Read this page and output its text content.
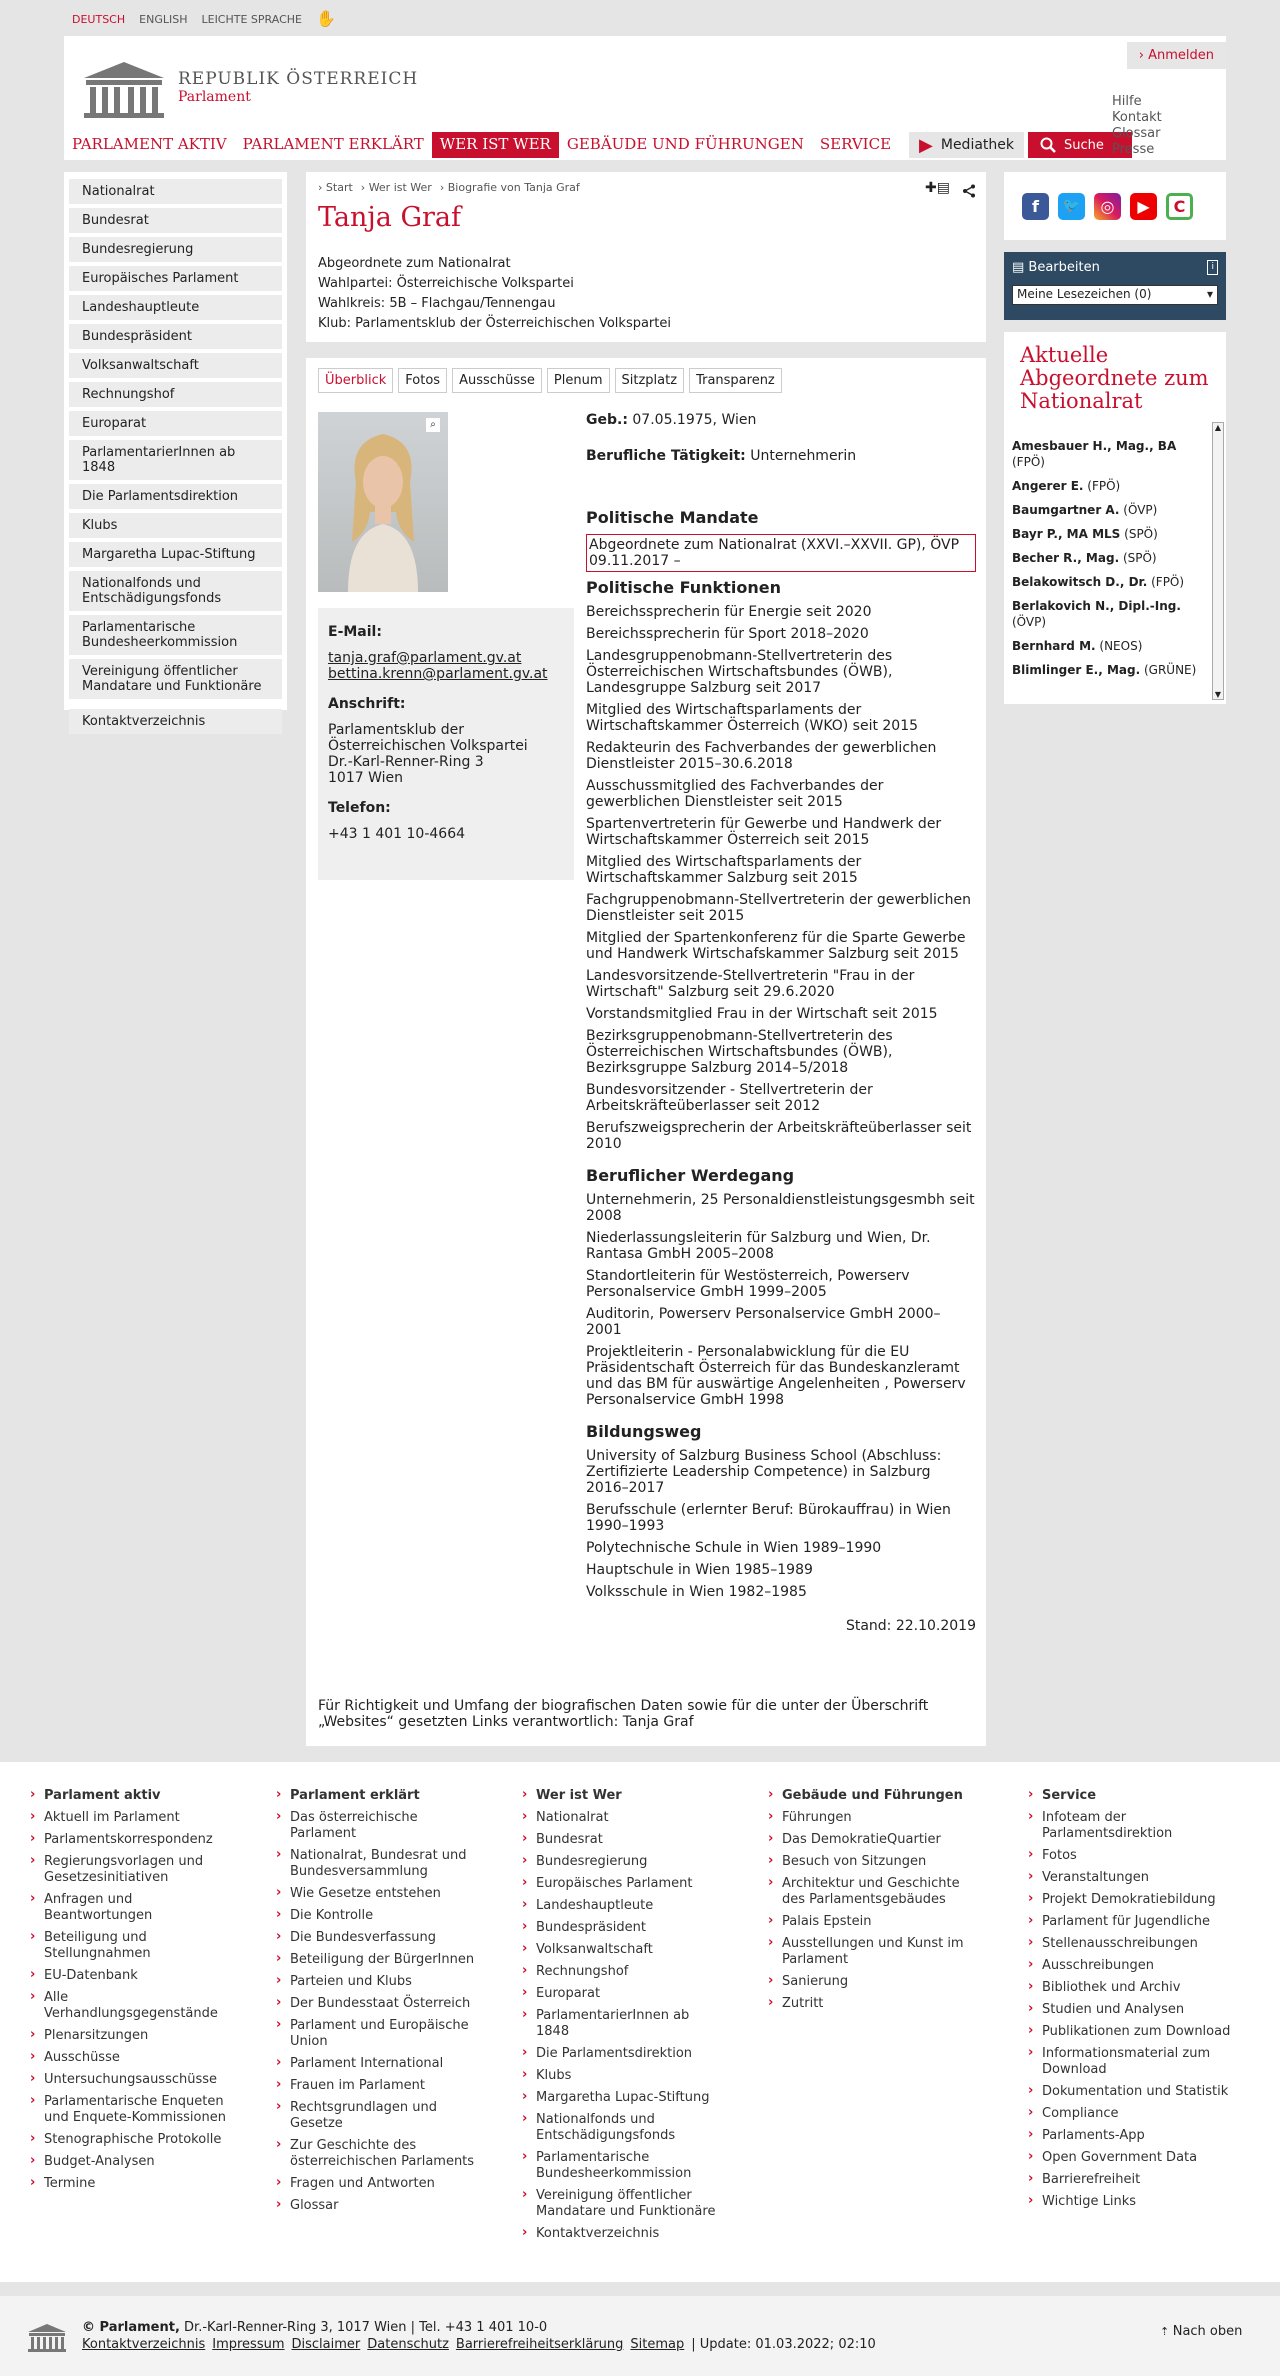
DEUTSCH ENGLISH LEICHTE SPRACHE ✋
› Anmelden
REPUBLIK ÖSTERREICH
Parlament
PARLAMENT AKTIV	PARLAMENT ERKLÄRT	WER IST WER	GEBÄUDE UND FÜHRUNGEN	SERVICE	▶ Mediathek	Suche
Hilfe
Kontakt
Glossar
Presse
Nationalrat
Bundesrat
Bundesregierung
Europäisches Parlament
Landeshauptleute
Bundespräsident
Volksanwaltschaft
Rechnungshof
Europarat
ParlamentarierInnen ab 1848
Die Parlamentsdirektion
Klubs
Margaretha Lupac-Stiftung
Nationalfonds und Entschädigungsfonds
Parlamentarische Bundesheerkommission
Vereinigung öffentlicher Mandatare und Funktionäre
Kontaktverzeichnis
› Start › Wer ist Wer › Biografie von Tanja Graf	✚▤
Tanja Graf
Abgeordnete zum Nationalrat
Wahlpartei: Österreichische Volkspartei
Wahlkreis: 5B – Flachgau/Tennengau
Klub: Parlamentsklub der Österreichischen Volkspartei
Überblick	Fotos	Ausschüsse	Plenum	Sitzplatz	Transparenz
⌕
E-Mail:
tanja.graf@parlament.gv.at
bettina.krenn@parlament.gv.at
Anschrift:
Parlamentsklub der Österreichischen Volkspartei
Dr.-Karl-Renner-Ring 3
1017 Wien
Telefon:
+43 1 401 10-4664
Geb.: 07.05.1975, Wien
Berufliche Tätigkeit: Unternehmerin
Politische Mandate
Abgeordnete zum Nationalrat (XXVI.–XXVII. GP), ÖVP 09.11.2017 –
Politische Funktionen
Bereichssprecherin für Energie seit 2020
Bereichssprecherin für Sport 2018–2020
Landesgruppenobmann-Stellvertreterin des Österreichischen Wirtschaftsbundes (ÖWB), Landesgruppe Salzburg seit 2017
Mitglied des Wirtschaftsparlaments der Wirtschaftskammer Österreich (WKO) seit 2015
Redakteurin des Fachverbandes der gewerblichen Dienstleister 2015–30.6.2018
Ausschussmitglied des Fachverbandes der gewerblichen Dienstleister seit 2015
Spartenvertreterin für Gewerbe und Handwerk der Wirtschaftskammer Österreich seit 2015
Mitglied des Wirtschaftsparlaments der Wirtschaftskammer Salzburg seit 2015
Fachgruppenobmann-Stellvertreterin der gewerblichen Dienstleister seit 2015
Mitglied der Spartenkonferenz für die Sparte Gewerbe und Handwerk Wirtschafskammer Salzburg seit 2015
Landesvorsitzende-Stellvertreterin "Frau in der Wirtschaft" Salzburg seit 29.6.2020
Vorstandsmitglied Frau in der Wirtschaft seit 2015
Bezirksgruppenobmann-Stellvertreterin des Österreichischen Wirtschaftsbundes (ÖWB), Bezirksgruppe Salzburg 2014–5/2018
Bundesvorsitzender - Stellvertreterin der Arbeitskräfteüberlasser seit 2012
Berufszweigsprecherin der Arbeitskräfteüberlasser seit 2010
Beruflicher Werdegang
Unternehmerin, 25 Personaldienstleistungsgesmbh seit 2008
Niederlassungsleiterin für Salzburg und Wien, Dr. Rantasa GmbH 2005–2008
Standortleiterin für Westösterreich, Powerserv Personalservice GmbH 1999–2005
Auditorin, Powerserv Personalservice GmbH 2000–2001
Projektleiterin - Personalabwicklung für die EU Präsidentschaft Österreich für das Bundeskanzleramt und das BM für auswärtige Angelenheiten , Powerserv Personalservice GmbH 1998
Bildungsweg
University of Salzburg Business School (Abschluss: Zertifizierte Leadership Competence) in Salzburg 2016–2017
Berufsschule (erlernter Beruf: Bürokauffrau) in Wien 1990–1993
Polytechnische Schule in Wien 1989–1990
Hauptschule in Wien 1985–1989
Volksschule in Wien 1982–1985
Stand: 22.10.2019
Für Richtigkeit und Umfang der biografischen Daten sowie für die unter der Überschrift „Websites“ gesetzten Links verantwortlich: Tanja Graf
f	🐦	◎	▶	C
▤ Bearbeiten	i
Meine Lesezeichen (0)	▾
Aktuelle Abgeordnete zum Nationalrat
Amesbauer H., Mag., BA (FPÖ)
Angerer E. (FPÖ)
Baumgartner A. (ÖVP)
Bayr P., MA MLS (SPÖ)
Becher R., Mag. (SPÖ)
Belakowitsch D., Dr. (FPÖ)
Berlakovich N., Dipl.-Ing. (ÖVP)
Bernhard M. (NEOS)
Blimlinger E., Mag. (GRÜNE)
▲
▼
› Parlament aktiv
› Aktuell im Parlament
› Parlamentskorrespondenz
› Regierungsvorlagen und Gesetzesinitiativen
› Anfragen und Beantwortungen
› Beteiligung und Stellungnahmen
› EU-Datenbank
› Alle Verhandlungsgegenstände
› Plenarsitzungen
› Ausschüsse
› Untersuchungsausschüsse
› Parlamentarische Enqueten und Enquete-Kommissionen
› Stenographische Protokolle
› Budget-Analysen
› Termine
› Parlament erklärt
› Das österreichische Parlament
› Nationalrat, Bundesrat und Bundesversammlung
› Wie Gesetze entstehen
› Die Kontrolle
› Die Bundesverfassung
› Beteiligung der BürgerInnen
› Parteien und Klubs
› Der Bundesstaat Österreich
› Parlament und Europäische Union
› Parlament International
› Frauen im Parlament
› Rechtsgrundlagen und Gesetze
› Zur Geschichte des österreichischen Parlaments
› Fragen und Antworten
› Glossar
› Wer ist Wer
› Nationalrat
› Bundesrat
› Bundesregierung
› Europäisches Parlament
› Landeshauptleute
› Bundespräsident
› Volksanwaltschaft
› Rechnungshof
› Europarat
› ParlamentarierInnen ab 1848
› Die Parlamentsdirektion
› Klubs
› Margaretha Lupac-Stiftung
› Nationalfonds und Entschädigungsfonds
› Parlamentarische Bundesheerkommission
› Vereinigung öffentlicher Mandatare und Funktionäre
› Kontaktverzeichnis
› Gebäude und Führungen
› Führungen
› Das DemokratieQuartier
› Besuch von Sitzungen
› Architektur und Geschichte des Parlamentsgebäudes
› Palais Epstein
› Ausstellungen und Kunst im Parlament
› Sanierung
› Zutritt
› Service
› Infoteam der Parlamentsdirektion
› Fotos
› Veranstaltungen
› Projekt Demokratiebildung
› Parlament für Jugendliche
› Stellenausschreibungen
› Ausschreibungen
› Bibliothek und Archiv
› Studien und Analysen
› Publikationen zum Download
› Informationsmaterial zum Download
› Dokumentation und Statistik
› Compliance
› Parlaments-App
› Open Government Data
› Barrierefreiheit
› Wichtige Links
© Parlament, Dr.-Karl-Renner-Ring 3, 1017 Wien | Tel. +43 1 401 10-0
Kontaktverzeichnis Impressum Disclaimer Datenschutz Barrierefreiheitserklärung Sitemap | Update: 01.03.2022; 02:10
⇡ Nach oben
